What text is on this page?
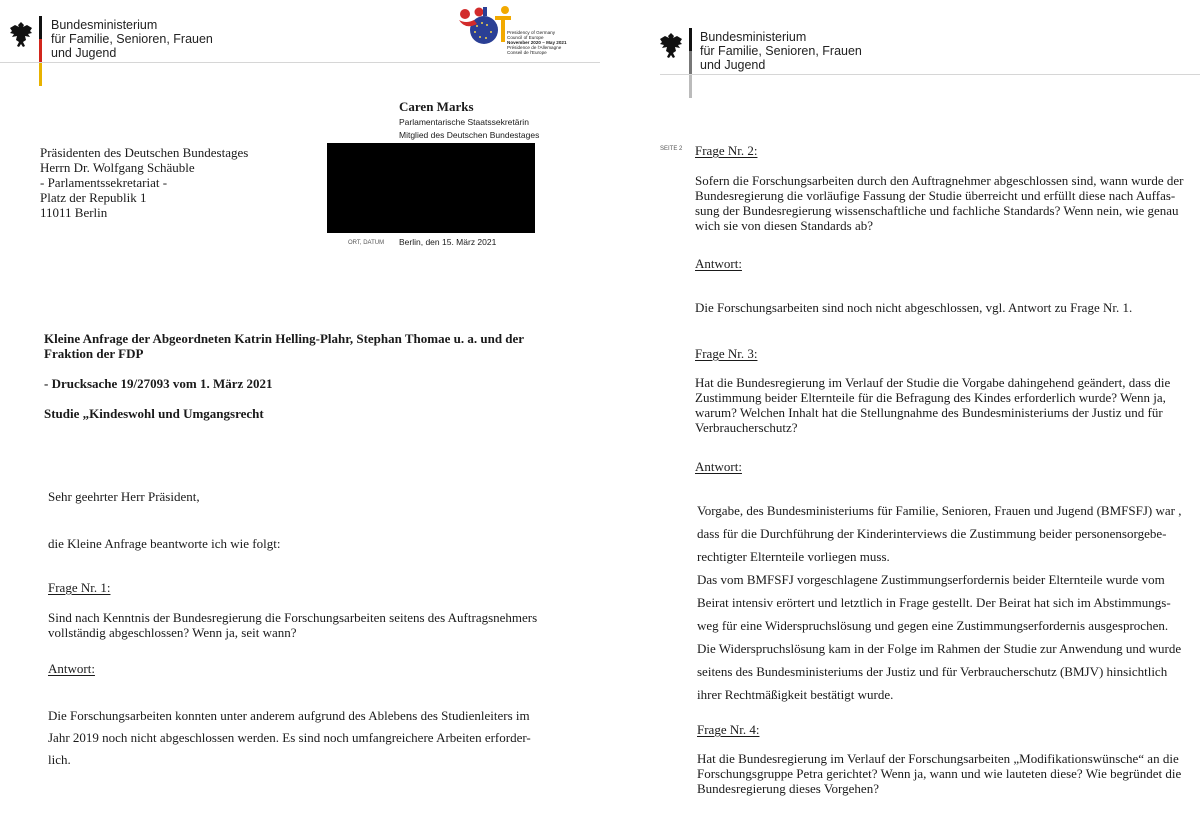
Bundesministerium
für Familie, Senioren, Frauen
und Jugend
Presidency of Germany
Council of Europe
November 2020 – May 2021
Présidence de l'Allemagne
Conseil de l'Europe
Caren Marks
Parlamentarische Staatssekretärin
Mitglied des Deutschen Bundestages
ORT, DATUM Berlin, den 15. März 2021
Präsidenten des Deutschen Bundestages
Herrn Dr. Wolfgang Schäuble
- Parlamentssekretariat -
Platz der Republik 1
11011 Berlin
Kleine Anfrage der Abgeordneten Katrin Helling-Plahr, Stephan Thomae u. a. und der
Fraktion der FDP
- Drucksache 19/27093 vom 1. März 2021
Studie „Kindeswohl und Umgangsrecht
Sehr geehrter Herr Präsident,
die Kleine Anfrage beantworte ich wie folgt:
Frage Nr. 1:
Sind nach Kenntnis der Bundesregierung die Forschungsarbeiten seitens des Auftragsnehmers
vollständig abgeschlossen? Wenn ja, seit wann?
Antwort:
Die Forschungsarbeiten konnten unter anderem aufgrund des Ablebens des Studienleiters im
Jahr 2019 noch nicht abgeschlossen werden. Es sind noch umfangreichere Arbeiten erforder-
lich.
Bundesministerium
für Familie, Senioren, Frauen
und Jugend
SEITE 2 Frage Nr. 2:
Sofern die Forschungsarbeiten durch den Auftragnehmer abgeschlossen sind, wann wurde der
Bundesregierung die vorläufige Fassung der Studie überreicht und erfüllt diese nach Auffas-
sung der Bundesregierung wissenschaftliche und fachliche Standards? Wenn nein, wie genau
wich sie von diesen Standards ab?
Antwort:
Die Forschungsarbeiten sind noch nicht abgeschlossen, vgl. Antwort zu Frage Nr. 1.
Frage Nr. 3:
Hat die Bundesregierung im Verlauf der Studie die Vorgabe dahingehend geändert, dass die
Zustimmung beider Elternteile für die Befragung des Kindes erforderlich wurde? Wenn ja,
warum? Welchen Inhalt hat die Stellungnahme des Bundesministeriums der Justiz und für
Verbraucherschutz?
Antwort:
Vorgabe, des Bundesministeriums für Familie, Senioren, Frauen und Jugend (BMFSFJ) war ,
dass für die Durchführung der Kinderinterviews die Zustimmung beider personensorgebe-
rechtigter Elternteile vorliegen muss.
Das vom BMFSFJ vorgeschlagene Zustimmungserfordernis beider Elternteile wurde vom
Beirat intensiv erörtert und letztlich in Frage gestellt. Der Beirat hat sich im Abstimmungs-
weg für eine Widerspruchslösung und gegen eine Zustimmungserfordernis ausgesprochen.
Die Widerspruchslösung kam in der Folge im Rahmen der Studie zur Anwendung und wurde
seitens des Bundesministeriums der Justiz und für Verbraucherschutz (BMJV) hinsichtlich
ihrer Rechtmäßigkeit bestätigt wurde.
Frage Nr. 4:
Hat die Bundesregierung im Verlauf der Forschungsarbeiten „Modifikationswünsche“ an die
Forschungsgruppe Petra gerichtet? Wenn ja, wann und wie lauteten diese? Wie begründet die
Bundesregierung dieses Vorgehen?
